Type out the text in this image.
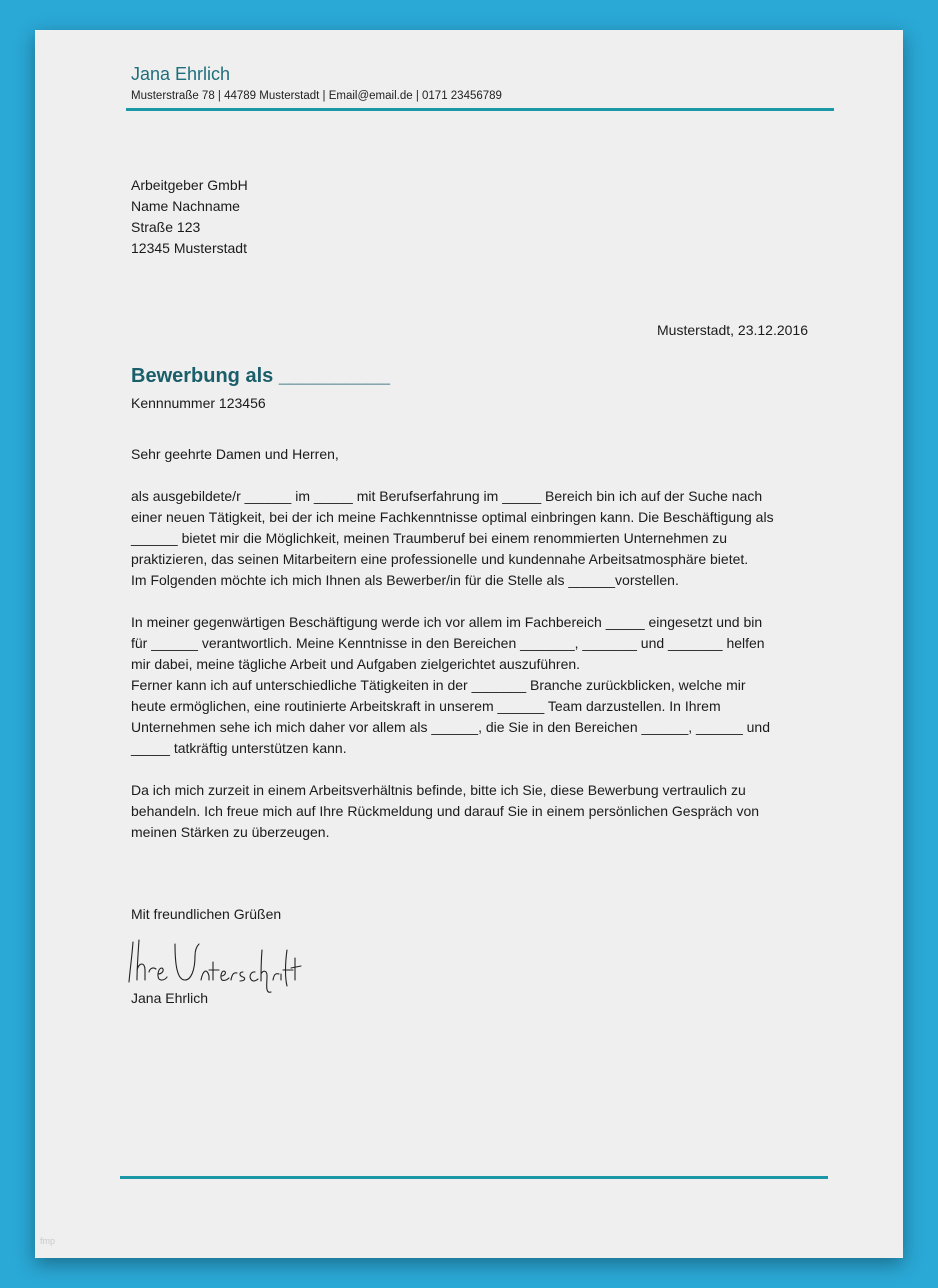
Jana Ehrlich
Musterstraße 78 | 44789 Musterstadt | Email@email.de | 0171 23456789
Arbeitgeber GmbH
Name Nachname
Straße 123
12345 Musterstadt
Musterstadt, 23.12.2016
Bewerbung als __________
Kennnummer 123456

Sehr geehrte Damen und Herren,

als ausgebildete/r ______ im _____ mit Berufserfahrung im _____ Bereich bin ich auf der Suche nach
einer neuen Tätigkeit, bei der ich meine Fachkenntnisse optimal einbringen kann. Die Beschäftigung als
______ bietet mir die Möglichkeit, meinen Traumberuf bei einem renommierten Unternehmen zu
praktizieren, das seinen Mitarbeitern eine professionelle und kundennahe Arbeitsatmosphäre bietet.
Im Folgenden möchte ich mich Ihnen als Bewerber/in für die Stelle als ______vorstellen.

In meiner gegenwärtigen Beschäftigung werde ich vor allem im Fachbereich _____ eingesetzt und bin
für ______ verantwortlich. Meine Kenntnisse in den Bereichen _______, _______ und _______ helfen
mir dabei, meine tägliche Arbeit und Aufgaben zielgerichtet auszuführen.
Ferner kann ich auf unterschiedliche Tätigkeiten in der _______ Branche zurückblicken, welche mir
heute ermöglichen, eine routinierte Arbeitskraft in unserem ______ Team darzustellen. In Ihrem
Unternehmen sehe ich mich daher vor allem als ______, die Sie in den Bereichen ______, ______ und
_____ tatkräftig unterstützen kann.

Da ich mich zurzeit in einem Arbeitsverhältnis befinde, bitte ich Sie, diese Bewerbung vertraulich zu
behandeln. Ich freue mich auf Ihre Rückmeldung und darauf Sie in einem persönlichen Gespräch von
meinen Stärken zu überzeugen.

Mit freundlichen Grüßen
Jana Ehrlich
fmp
